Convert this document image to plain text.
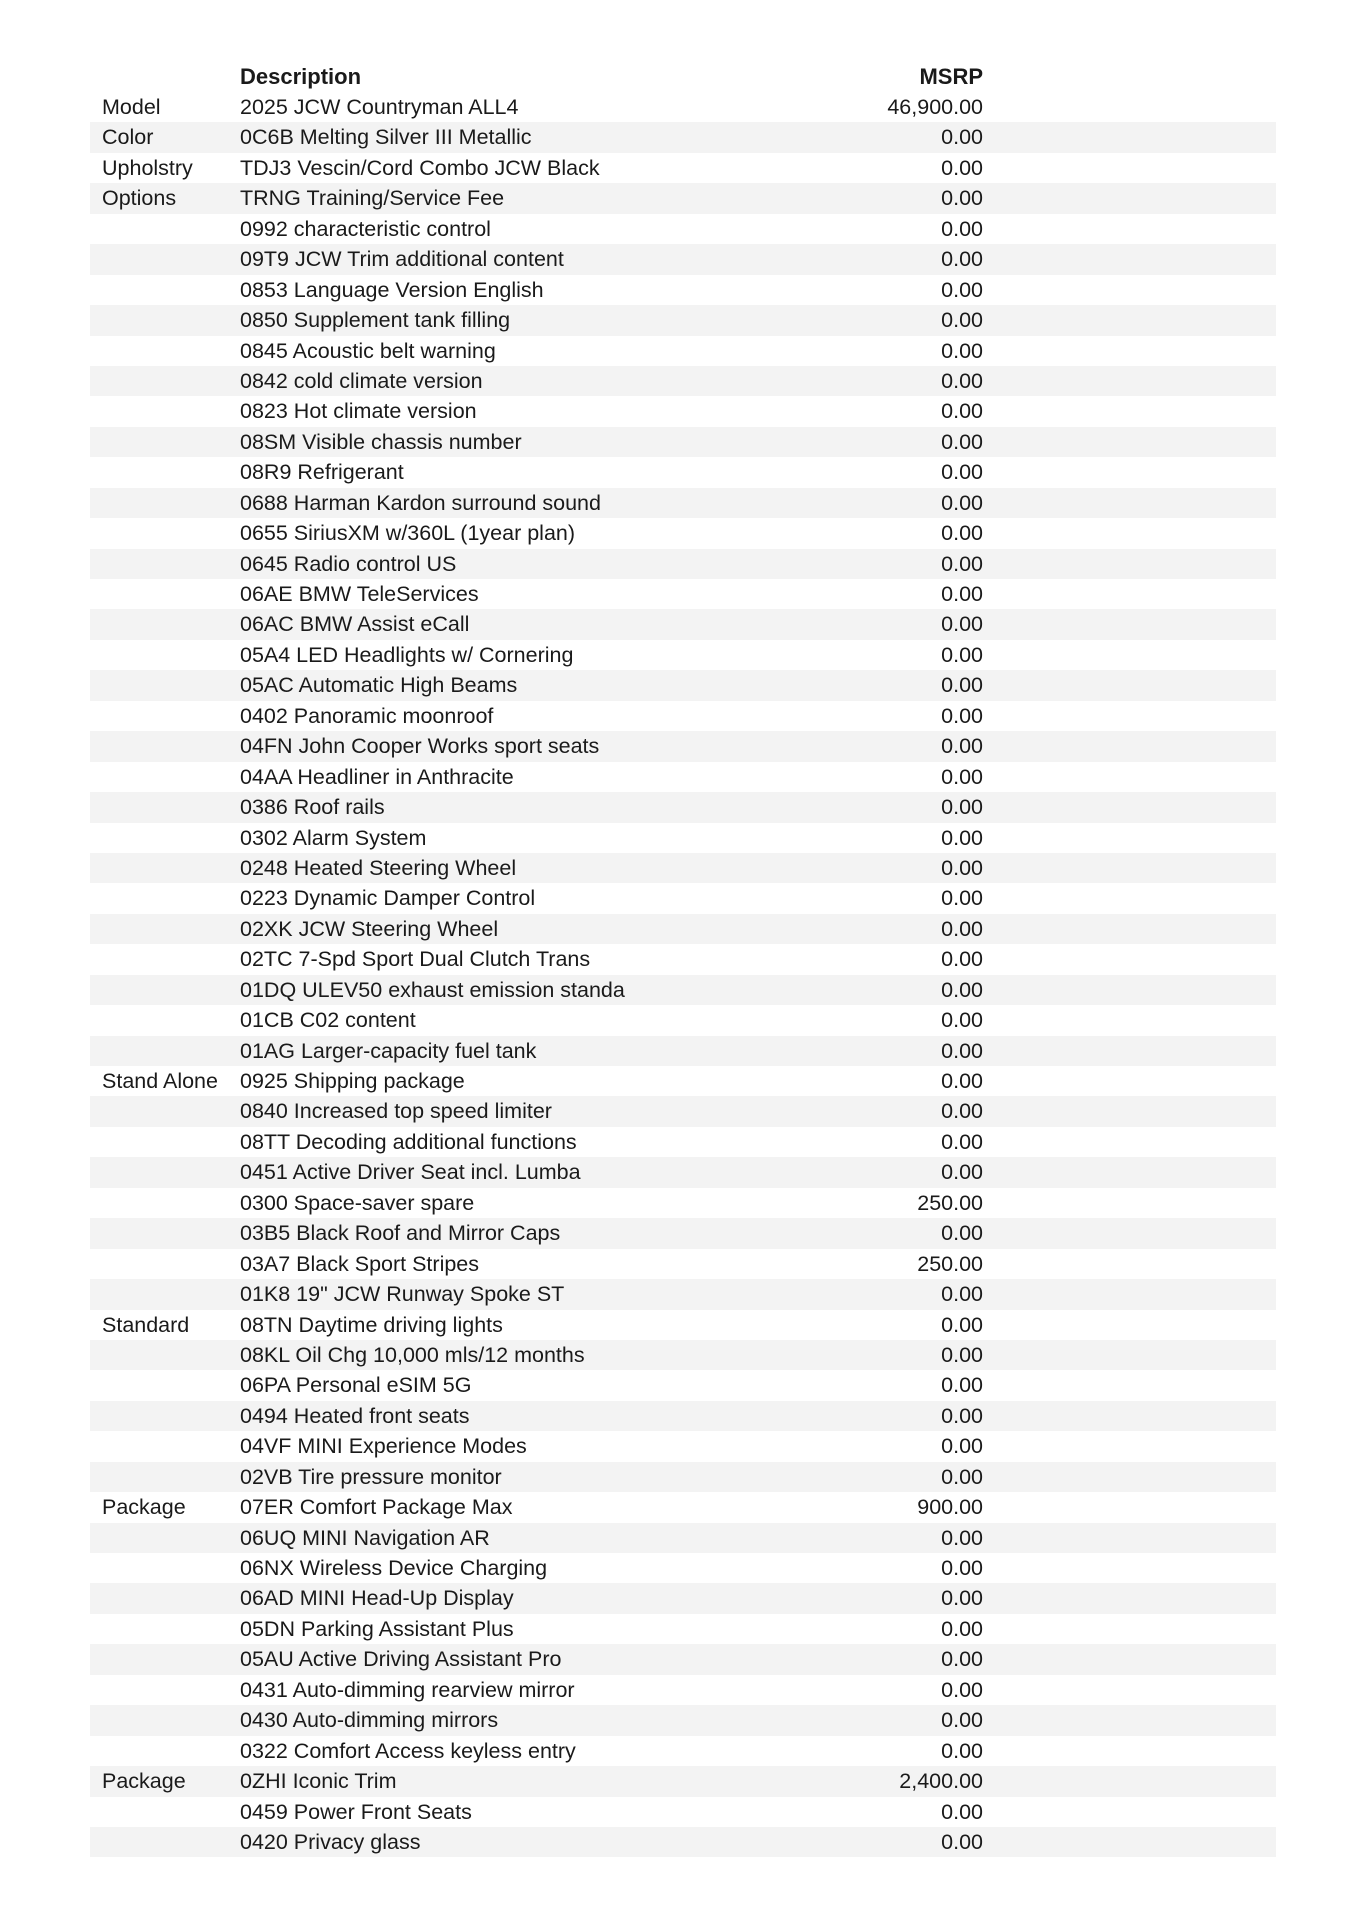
Description	MSRP
Model	2025 JCW Countryman ALL4	46,900.00
Color	0C6B Melting Silver III Metallic	0.00
Upholstry	TDJ3 Vescin/Cord Combo JCW Black	0.00
Options	TRNG Training/Service Fee	0.00
0992 characteristic control	0.00
09T9 JCW Trim additional content	0.00
0853 Language Version English	0.00
0850 Supplement tank filling	0.00
0845 Acoustic belt warning	0.00
0842 cold climate version	0.00
0823 Hot climate version	0.00
08SM Visible chassis number	0.00
08R9 Refrigerant	0.00
0688 Harman Kardon surround sound	0.00
0655 SiriusXM w/360L (1year plan)	0.00
0645 Radio control US	0.00
06AE BMW TeleServices	0.00
06AC BMW Assist eCall	0.00
05A4 LED Headlights w/ Cornering	0.00
05AC Automatic High Beams	0.00
0402 Panoramic moonroof	0.00
04FN John Cooper Works sport seats	0.00
04AA Headliner in Anthracite	0.00
0386 Roof rails	0.00
0302 Alarm System	0.00
0248 Heated Steering Wheel	0.00
0223 Dynamic Damper Control	0.00
02XK JCW Steering Wheel	0.00
02TC 7-Spd Sport Dual Clutch Trans	0.00
01DQ ULEV50 exhaust emission standa	0.00
01CB C02 content	0.00
01AG Larger-capacity fuel tank	0.00
Stand Alone	0925 Shipping package	0.00
0840 Increased top speed limiter	0.00
08TT Decoding additional functions	0.00
0451 Active Driver Seat incl. Lumba	0.00
0300 Space-saver spare	250.00
03B5 Black Roof and Mirror Caps	0.00
03A7 Black Sport Stripes	250.00
01K8 19" JCW Runway Spoke ST	0.00
Standard	08TN Daytime driving lights	0.00
08KL Oil Chg 10,000 mls/12 months	0.00
06PA Personal eSIM 5G	0.00
0494 Heated front seats	0.00
04VF MINI Experience Modes	0.00
02VB Tire pressure monitor	0.00
Package	07ER Comfort Package Max	900.00
06UQ MINI Navigation AR	0.00
06NX Wireless Device Charging	0.00
06AD MINI Head-Up Display	0.00
05DN Parking Assistant Plus	0.00
05AU Active Driving Assistant Pro	0.00
0431 Auto-dimming rearview mirror	0.00
0430 Auto-dimming mirrors	0.00
0322 Comfort Access keyless entry	0.00
Package	0ZHI Iconic Trim	2,400.00
0459 Power Front Seats	0.00
0420 Privacy glass	0.00
